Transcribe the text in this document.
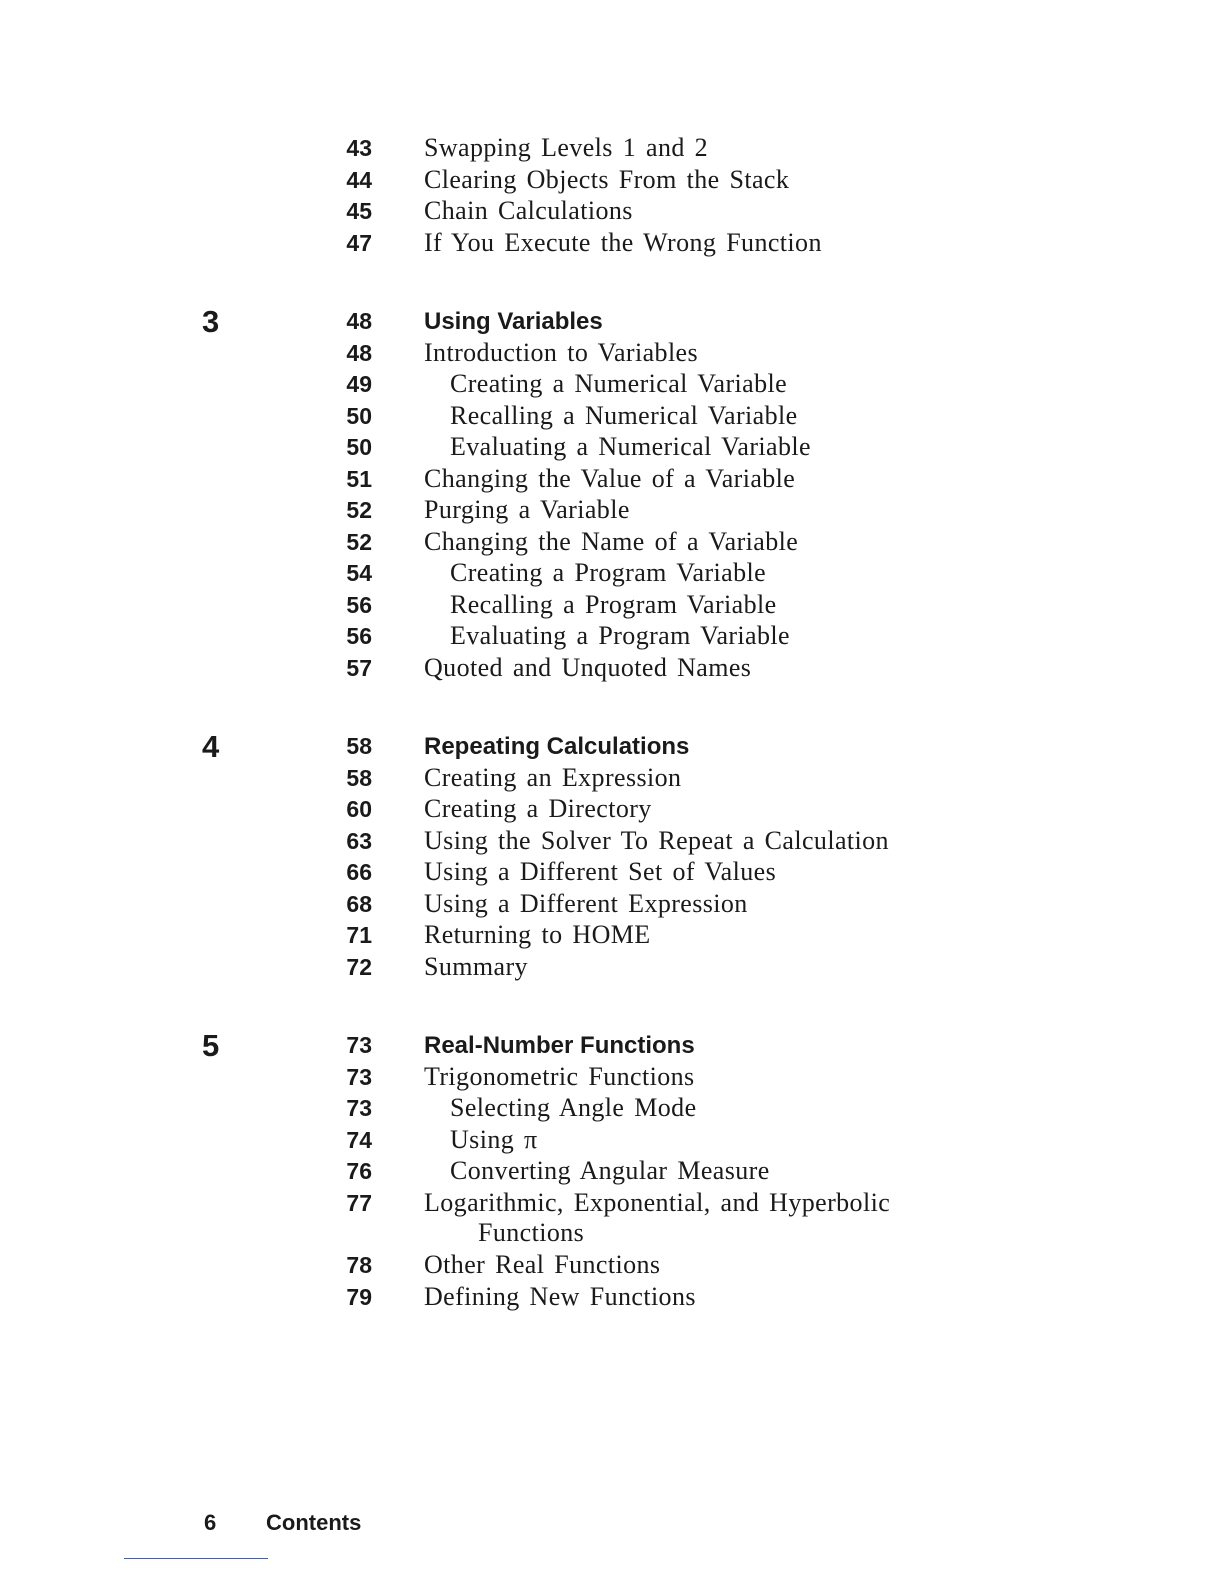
43 Swapping Levels 1 and 2
44 Clearing Objects From the Stack
45 Chain Calculations
47 If You Execute the Wrong Function
3	48 Using Variables
48 Introduction to Variables
49	Creating a Numerical Variable
50	Recalling a Numerical Variable
50	Evaluating a Numerical Variable
51 Changing the Value of a Variable
52 Purging a Variable
52 Changing the Name of a Variable
54	Creating a Program Variable
56	Recalling a Program Variable
56	Evaluating a Program Variable
57 Quoted and Unquoted Names
4	58 Repeating Calculations
58 Creating an Expression
60 Creating a Directory
63 Using the Solver To Repeat a Calculation
66 Using a Different Set of Values
68 Using a Different Expression
71 Returning to HOME
72 Summary
5	73 Real-Number Functions
73 Trigonometric Functions
73	Selecting Angle Mode
74	Using π
76	Converting Angular Measure
77 Logarithmic, Exponential, and Hyperbolic
Functions
78 Other Real Functions
79 Defining New Functions
6 Contents
